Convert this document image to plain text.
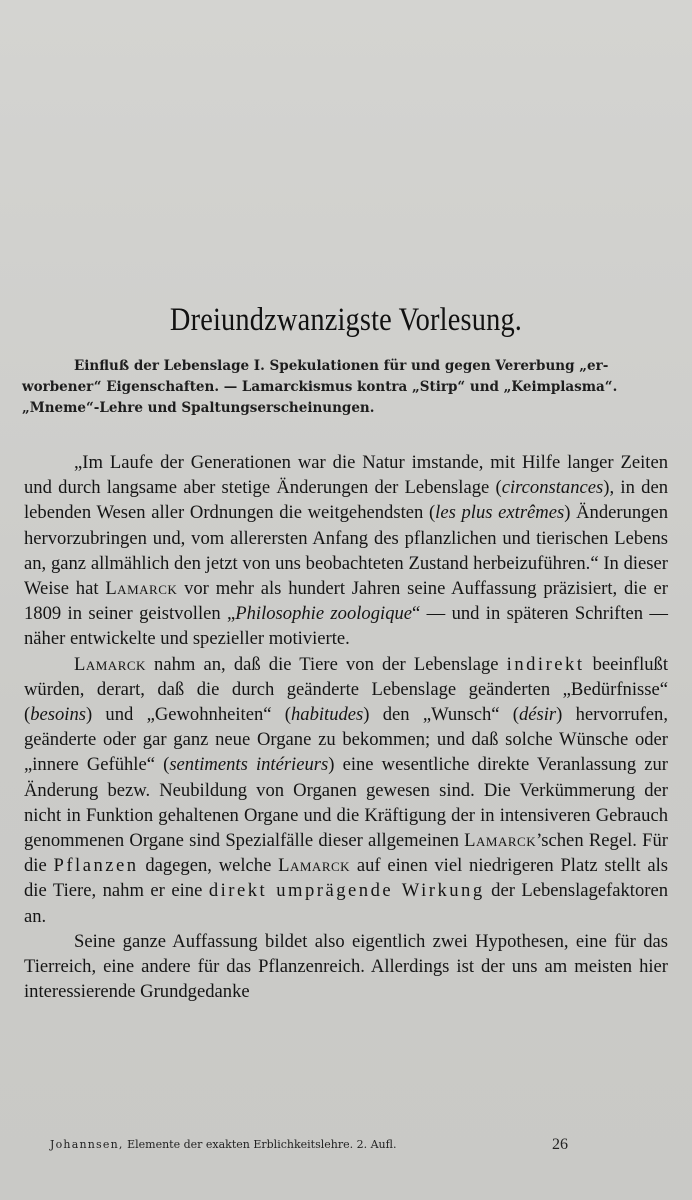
Dreiundzwanzigste Vorlesung.
Einfluß der Lebenslage I. Spekulationen für und gegen Vererbung „er-
worbener“ Eigenschaften. — Lamarckismus kontra „Stirp“ und „Keimplasma“.
„Mneme“-Lehre und Spaltungserscheinungen.

„Im Laufe der Generationen war die Natur imstande, mit Hilfe langer Zeiten und durch langsame aber stetige Änderungen der Lebenslage (circonstances), in den lebenden Wesen aller Ordnungen die weitgehendsten (les plus extrêmes) Änderungen hervorzubringen und, vom allerersten Anfang des pflanzlichen und tierischen Lebens an, ganz allmählich den jetzt von uns beobachteten Zustand herbeizuführen.“ In dieser Weise hat Lamarck vor mehr als hundert Jahren seine Auffassung präzisiert, die er 1809 in seiner geistvollen „Philosophie zoologique“ — und in späteren Schriften — näher entwickelte und spezieller motivierte.

Lamarck nahm an, daß die Tiere von der Lebenslage indirekt beeinflußt würden, derart, daß die durch geänderte Lebenslage geänderten „Bedürfnisse“ (besoins) und „Gewohnheiten“ (habitudes) den „Wunsch“ (désir) hervorrufen, geänderte oder gar ganz neue Organe zu bekommen; und daß solche Wünsche oder „innere Gefühle“ (sentiments intérieurs) eine wesentliche direkte Veranlassung zur Änderung bezw. Neubildung von Organen gewesen sind. Die Verkümmerung der nicht in Funktion gehaltenen Organe und die Kräftigung der in intensiveren Gebrauch genommenen Organe sind Spezialfälle dieser allgemeinen Lamarck’schen Regel. Für die Pflanzen dagegen, welche Lamarck auf einen viel niedrigeren Platz stellt als die Tiere, nahm er eine direkt umprägende Wirkung der Lebenslagefaktoren an.

Seine ganze Auffassung bildet also eigentlich zwei Hypothesen, eine für das Tierreich, eine andere für das Pflanzenreich. Allerdings ist der uns am meisten hier interessierende Grundgedanke

Johannsen, Elemente der exakten Erblichkeitslehre. 2. Aufl.	26
